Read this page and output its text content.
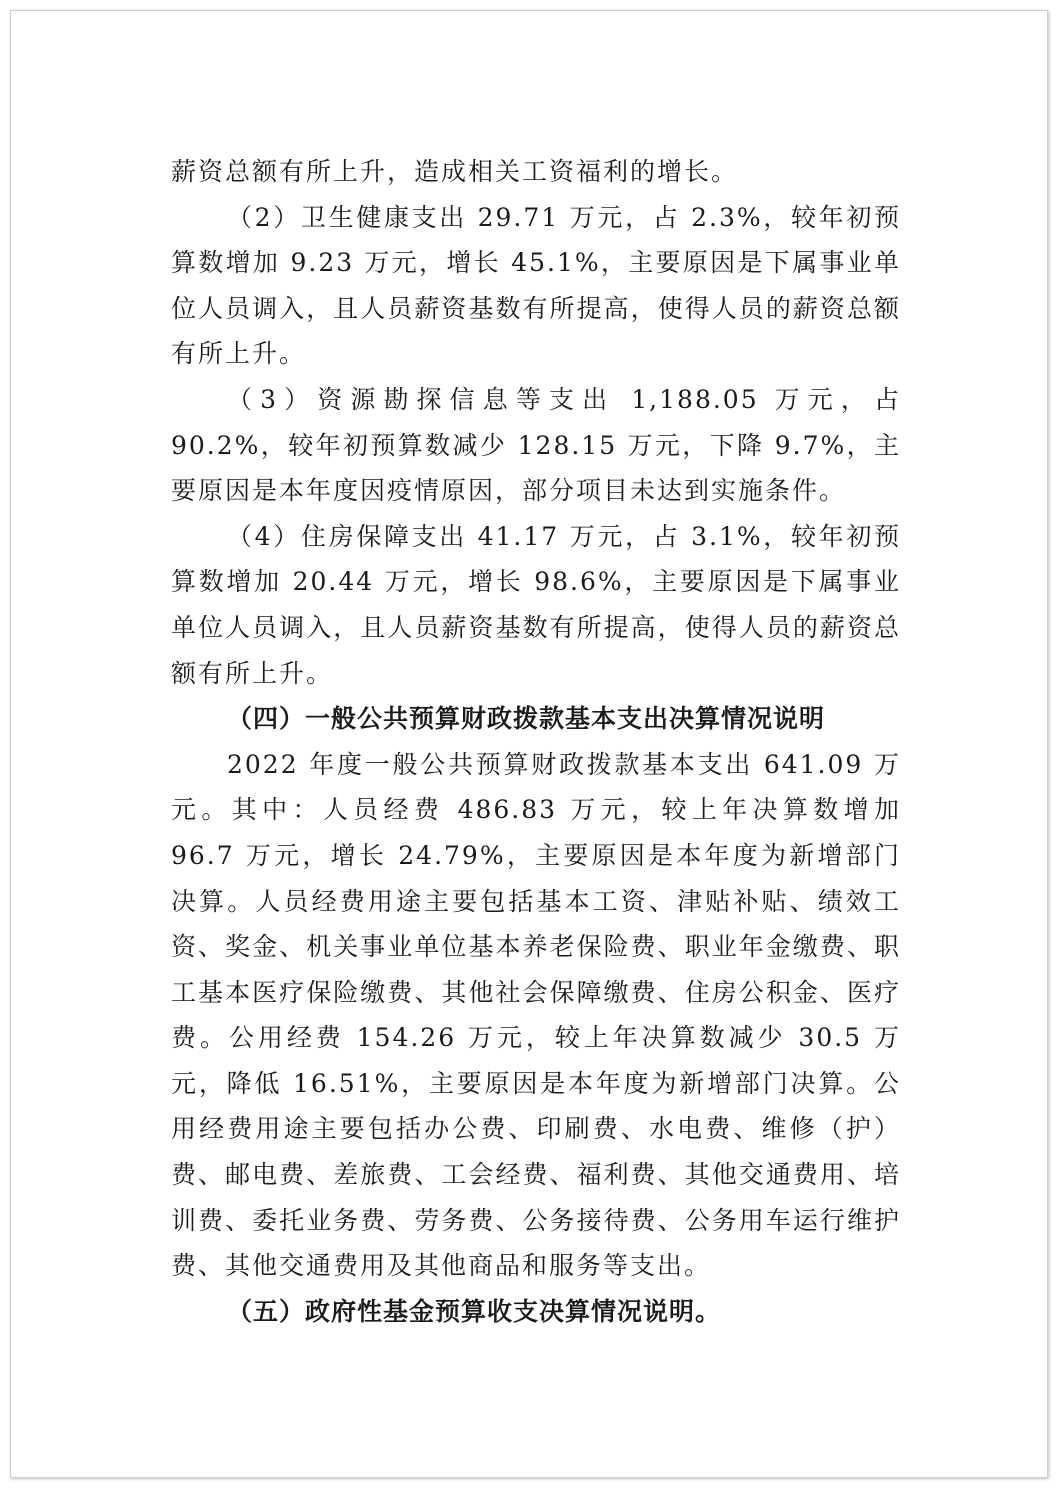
薪资总额有所上升，造成相关工资福利的增长。

（2）卫生健康支出 29.71 万元，占 2.3%，较年初预算数增加 9.23 万元，增长 45.1%，主要原因是下属事业单位人员调入，且人员薪资基数有所提高，使得人员的薪资总额有所上升。

（3）资源勘探信息等支出 1,188.05 万元，占 90.2%，较年初预算数减少 128.15 万元，下降 9.7%，主要原因是本年度因疫情原因，部分项目未达到实施条件。

（4）住房保障支出 41.17 万元，占 3.1%，较年初预算数增加 20.44 万元，增长 98.6%，主要原因是下属事业单位人员调入，且人员薪资基数有所提高，使得人员的薪资总额有所上升。

（四）一般公共预算财政拨款基本支出决算情况说明

2022 年度一般公共预算财政拨款基本支出 641.09 万元。其中：人员经费 486.83 万元，较上年决算数增加 96.7 万元，增长 24.79%，主要原因是本年度为新增部门决算。人员经费用途主要包括基本工资、津贴补贴、绩效工资、奖金、机关事业单位基本养老保险费、职业年金缴费、职工基本医疗保险缴费、其他社会保障缴费、住房公积金、医疗费。公用经费 154.26 万元，较上年决算数减少 30.5 万元，降低 16.51%，主要原因是本年度为新增部门决算。公用经费用途主要包括办公费、印刷费、水电费、维修（护）费、邮电费、差旅费、工会经费、福利费、其他交通费用、培训费、委托业务费、劳务费、公务接待费、公务用车运行维护费、其他交通费用及其他商品和服务等支出。

（五）政府性基金预算收支决算情况说明。
